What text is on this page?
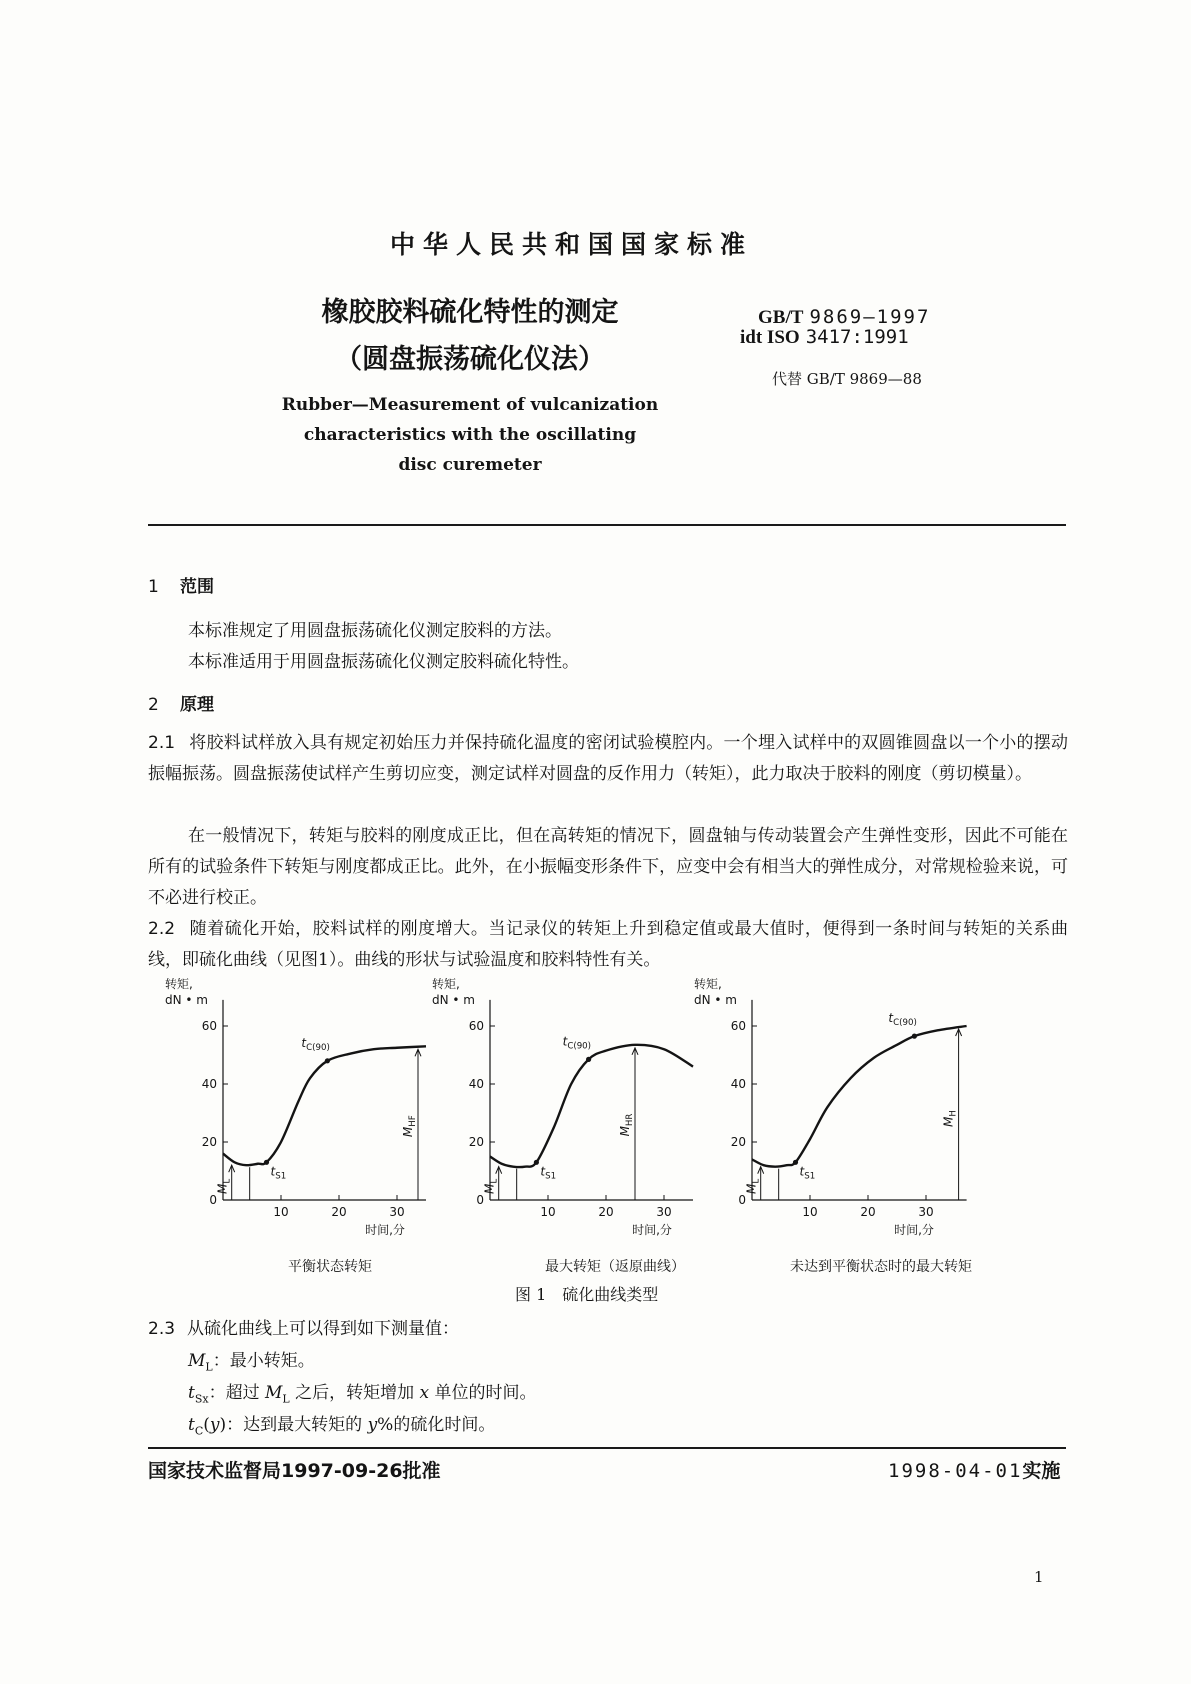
中华人民共和国国家标准
橡胶胶料硫化特性的测定
（圆盘振荡硫化仪法）
Rubber—Measurement of vulcanization
characteristics with the oscillating
disc curemeter
GB/T 9869—1997
idt ISO 3417:1991
代替 GB/T 9869—88
1 范围
本标准规定了用圆盘振荡硫化仪测定胶料的方法。
本标准适用于用圆盘振荡硫化仪测定胶料硫化特性。
2 原理
2.1 将胶料试样放入具有规定初始压力并保持硫化温度的密闭试验模腔内。一个埋入试样中的双圆锥圆盘以一个小的摆动振幅振荡。圆盘振荡使试样产生剪切应变，测定试样对圆盘的反作用力（转矩），此力取决于胶料的刚度（剪切模量）。
在一般情况下，转矩与胶料的刚度成正比，但在高转矩的情况下，圆盘轴与传动装置会产生弹性变形，因此不可能在所有的试验条件下转矩与刚度都成正比。此外，在小振幅变形条件下，应变中会有相当大的弹性成分，对常规检验来说，可不必进行校正。
2.2 随着硫化开始，胶料试样的刚度增大。当记录仪的转矩上升到稳定值或最大值时，便得到一条时间与转矩的关系曲线，即硫化曲线（见图1）。曲线的形状与试验温度和胶料特性有关。
转矩,
dN • m
时间,分
0
20
40
60
10	20	30
$t_{S1}$
$t_{C(90)}$
$M_L$
$M_{HF}$
转矩,
dN • m
时间,分
0
20
40
60
10	20	30
$t_{S1}$
$t_{C(90)}$
$M_L$
$M_{HR}$
转矩,
dN • m
时间,分
0
20
40
60
10	20	30
$t_{S1}$
$t_{C(90)}$
$M_L$
$M_H$
平衡状态转矩	最大转矩（返原曲线）	未达到平衡状态时的最大转矩
图 1　硫化曲线类型
2.3 从硫化曲线上可以得到如下测量值：
$M_L$：最小转矩。
$t_{Sx}$：超过 $M_L$ 之后，转矩增加 x 单位的时间。
$t_C(y)$：达到最大转矩的 y%的硫化时间。
国家技术监督局1997-09-26批准	1998-04-01实施
1
